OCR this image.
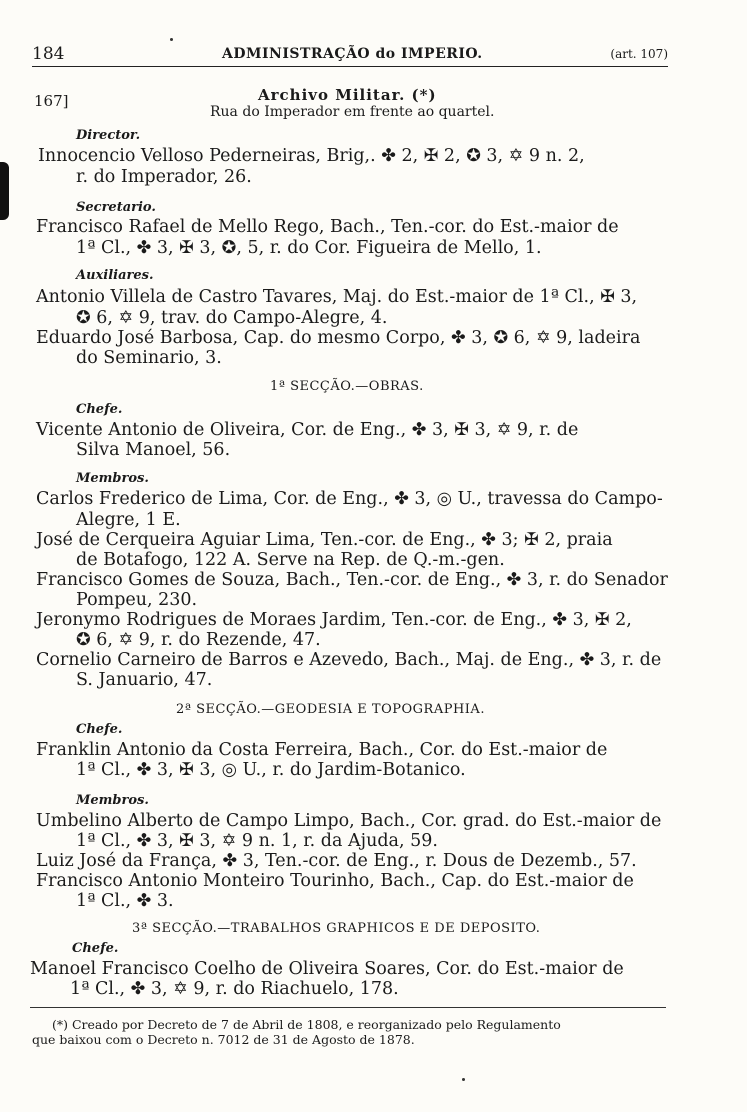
184	ADMINISTRAÇÃO do IMPERIO.	(art. 107)
167]	Archivo Militar. (*)
Rua do Imperador em frente ao quartel.
Director.
Innocencio Velloso Pederneiras, Brig,. ✤ 2, ✠ 2, ✪ 3, ✡ 9 n. 2,
r. do Imperador, 26.
Secretario.
Francisco Rafael de Mello Rego, Bach., Ten.-cor. do Est.-maior de
1ª Cl., ✤ 3, ✠ 3, ✪, 5, r. do Cor. Figueira de Mello, 1.
Auxiliares.
Antonio Villela de Castro Tavares, Maj. do Est.-maior de 1ª Cl., ✠ 3,
✪ 6, ✡ 9, trav. do Campo-Alegre, 4.
Eduardo José Barbosa, Cap. do mesmo Corpo, ✤ 3, ✪ 6, ✡ 9, ladeira
do Seminario, 3.
1ª SECÇÃO.—OBRAS.
Chefe.
Vicente Antonio de Oliveira, Cor. de Eng., ✤ 3, ✠ 3, ✡ 9, r. de
Silva Manoel, 56.
Membros.
Carlos Frederico de Lima, Cor. de Eng., ✤ 3, ◎ U., travessa do Campo-
Alegre, 1 E.
José de Cerqueira Aguiar Lima, Ten.-cor. de Eng., ✤ 3; ✠ 2, praia
de Botafogo, 122 A. Serve na Rep. de Q.-m.-gen.
Francisco Gomes de Souza, Bach., Ten.-cor. de Eng., ✤ 3, r. do Senador
Pompeu, 230.
Jeronymo Rodrigues de Moraes Jardim, Ten.-cor. de Eng., ✤ 3, ✠ 2,
✪ 6, ✡ 9, r. do Rezende, 47.
Cornelio Carneiro de Barros e Azevedo, Bach., Maj. de Eng., ✤ 3, r. de
S. Januario, 47.
2ª SECÇÃO.—GEODESIA E TOPOGRAPHIA.
Chefe.
Franklin Antonio da Costa Ferreira, Bach., Cor. do Est.-maior de
1ª Cl., ✤ 3, ✠ 3, ◎ U., r. do Jardim-Botanico.
Membros.
Umbelino Alberto de Campo Limpo, Bach., Cor. grad. do Est.-maior de
1ª Cl., ✤ 3, ✠ 3, ✡ 9 n. 1, r. da Ajuda, 59.
Luiz José da França, ✤ 3, Ten.-cor. de Eng., r. Dous de Dezemb., 57.
Francisco Antonio Monteiro Tourinho, Bach., Cap. do Est.-maior de
1ª Cl., ✤ 3.
3ª SECÇÃO.—TRABALHOS GRAPHICOS E DE DEPOSITO.
Chefe.
Manoel Francisco Coelho de Oliveira Soares, Cor. do Est.-maior de
1ª Cl., ✤ 3, ✡ 9, r. do Riachuelo, 178.
(*) Creado por Decreto de 7 de Abril de 1808, e reorganizado pelo Regulamento
que baixou com o Decreto n. 7012 de 31 de Agosto de 1878.
